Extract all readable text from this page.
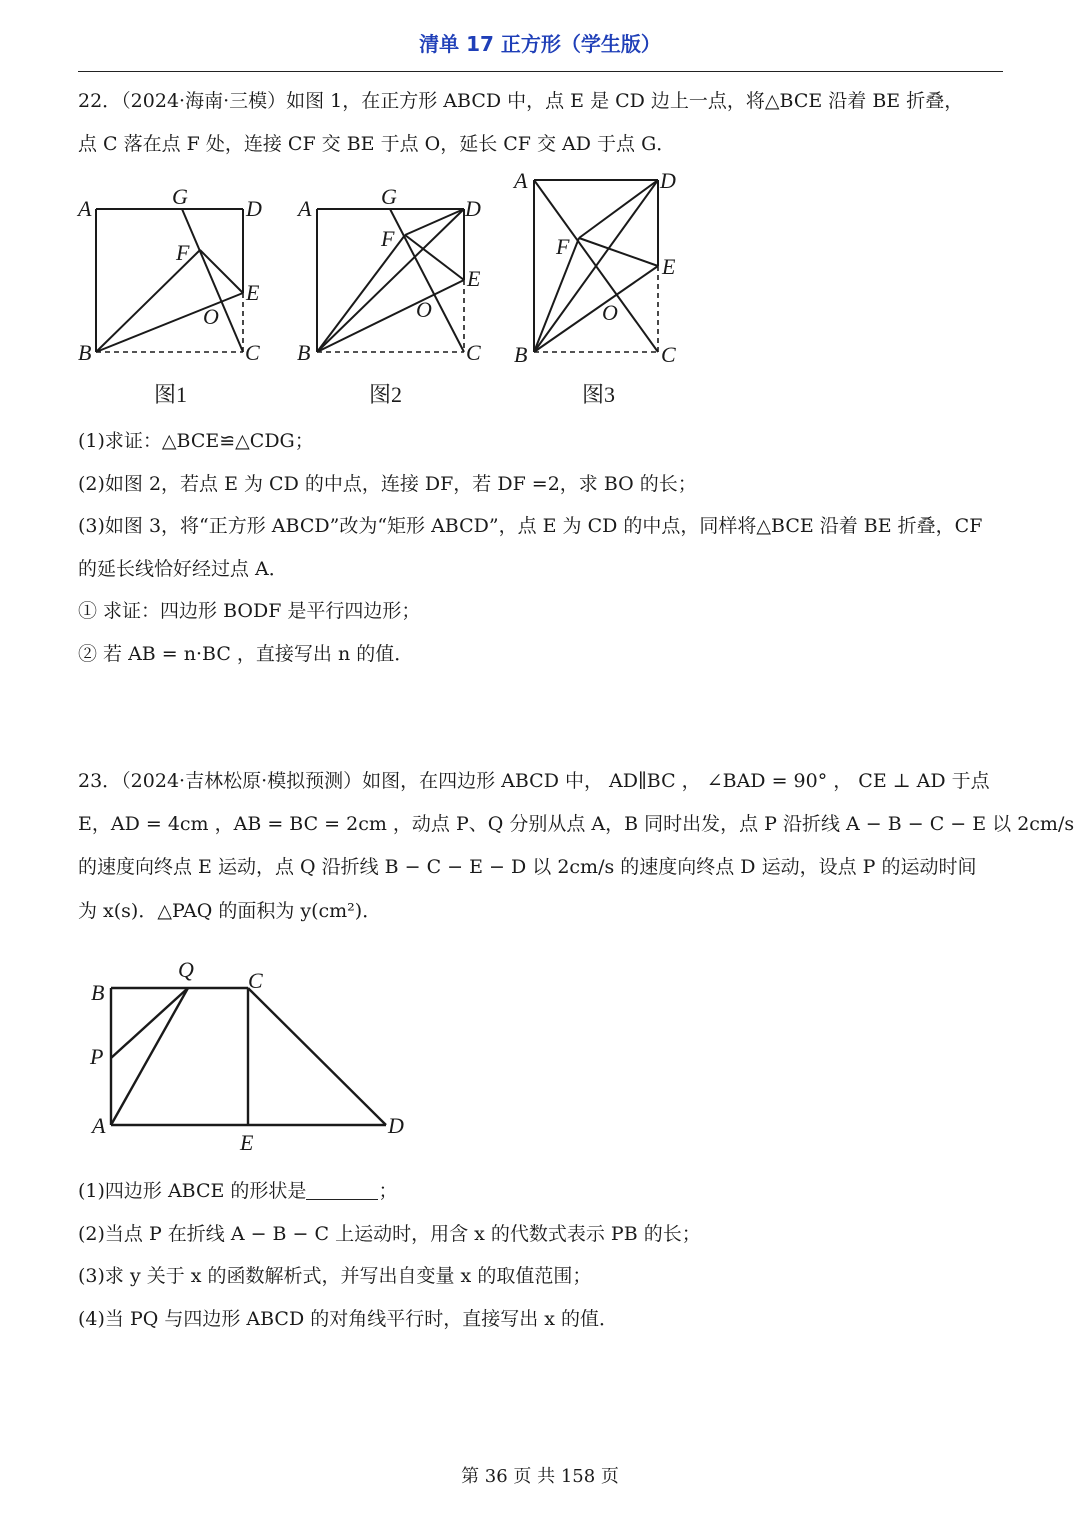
清单 17 正方形（学生版）
22．（2024·海南·三模）如图 1，在正方形 ABCD 中，点 E 是 CD 边上一点，将△BCE 沿着 BE 折叠，
点 C 落在点 F 处，连接 CF 交 BE 于点 O，延长 CF 交 AD 于点 G．
A	G	D
F
E
O
B	C
图1
A	G	D
F
E
O
B	C
图2
A	D
F
E
O
B	C
图3
(1)求证：△BCE≌△CDG；
(2)如图 2，若点 E 为 CD 的中点，连接 DF，若 DF =2，求 BO 的长；
(3)如图 3，将“正方形 ABCD”改为“矩形 ABCD”，点 E 为 CD 的中点，同样将△BCE 沿着 BE 折叠，CF
的延长线恰好经过点 A．
① 求证：四边形 BODF 是平行四边形；
② 若 AB = n·BC ，直接写出 n 的值．
23．（2024·吉林松原·模拟预测）如图，在四边形 ABCD 中， AD∥BC ， ∠BAD = 90° ， CE ⊥ AD 于点
E，AD = 4cm ，AB = BC = 2cm ，动点 P、Q 分别从点 A，B 同时出发，点 P 沿折线 A − B − C − E 以 2cm/s
的速度向终点 E 运动，点 Q 沿折线 B − C − E − D 以 2cm/s 的速度向终点 D 运动，设点 P 的运动时间
为 x(s)．△PAQ 的面积为 y(cm²)．
Q
B	C
P
A
E
D
(1)四边形 ABCE 的形状是	；
(2)当点 P 在折线 A − B − C 上运动时，用含 x 的代数式表示 PB 的长；
(3)求 y 关于 x 的函数解析式，并写出自变量 x 的取值范围；
(4)当 PQ 与四边形 ABCD 的对角线平行时，直接写出 x 的值．
第 36 页 共 158 页
